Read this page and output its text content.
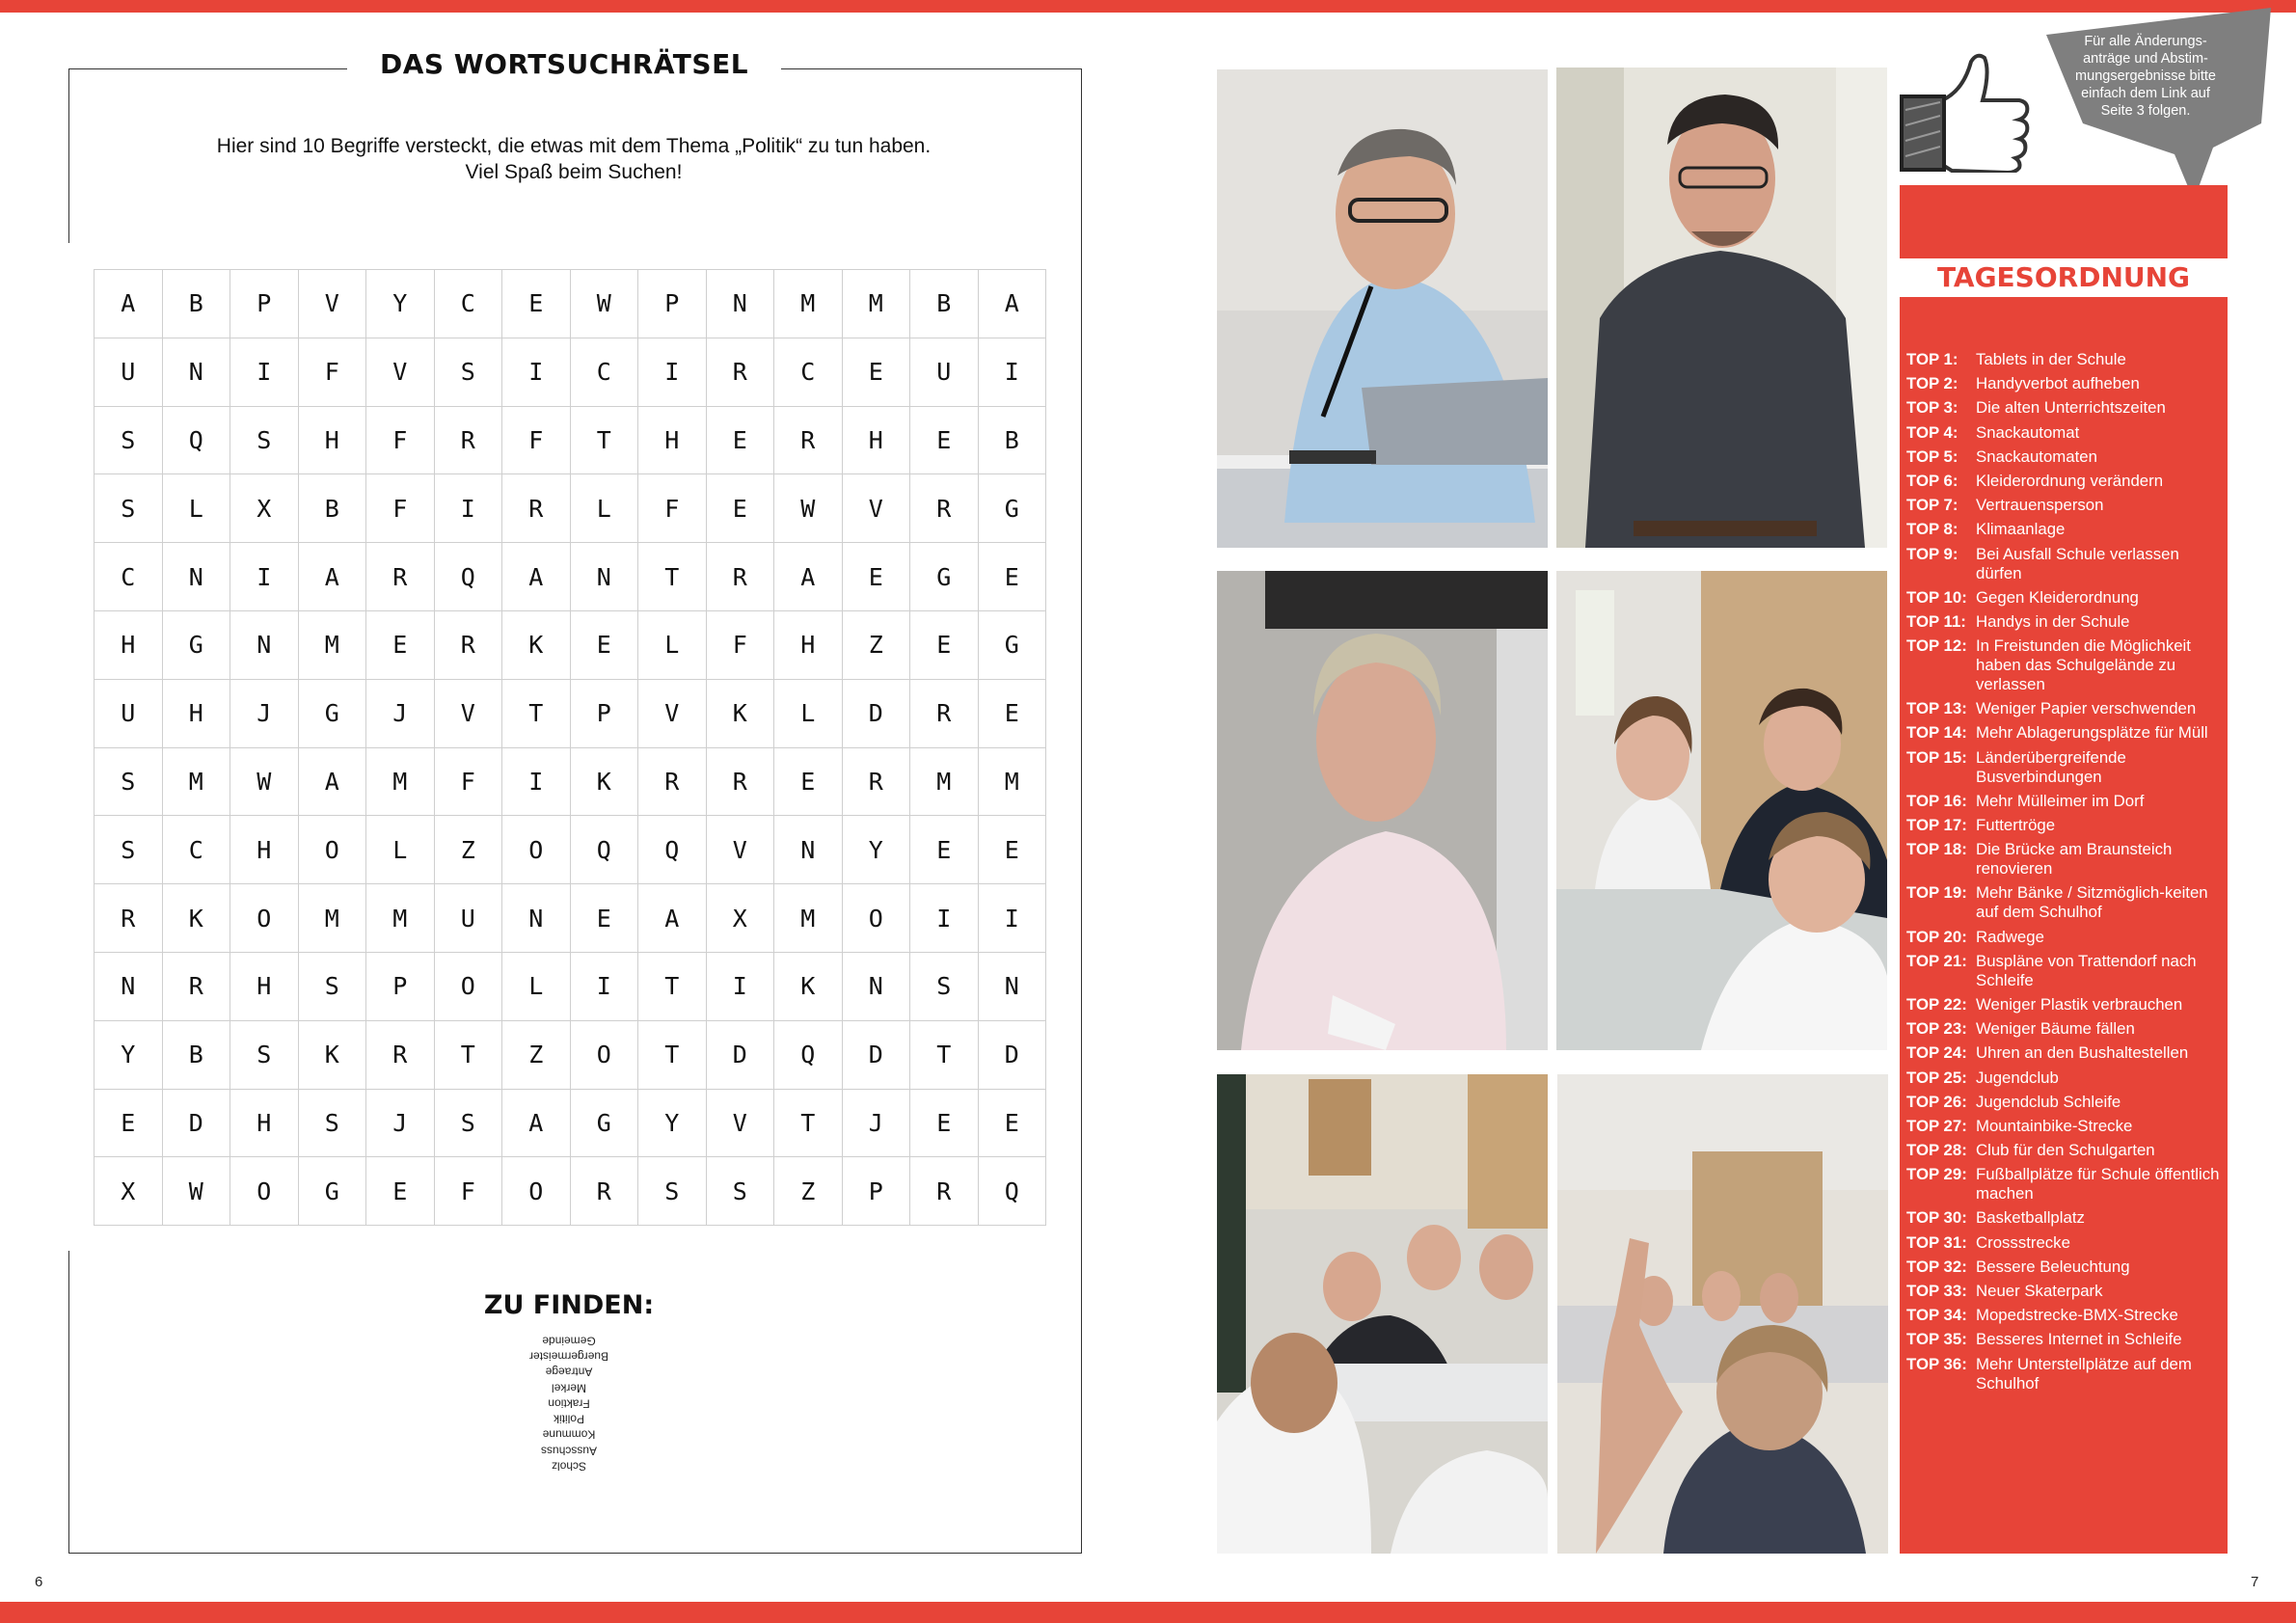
DAS WORTSUCHRÄTSEL
Hier sind 10 Begriffe versteckt, die etwas mit dem Thema „Politik“ zu tun haben.
Viel Spaß beim Suchen!
A	B	P	V	Y	C	E	W	P	N	M	M	B	A
U	N	I	F	V	S	I	C	I	R	C	E	U	I
S	Q	S	H	F	R	F	T	H	E	R	H	E	B
S	L	X	B	F	I	R	L	F	E	W	V	R	G
C	N	I	A	R	Q	A	N	T	R	A	E	G	E
H	G	N	M	E	R	K	E	L	F	H	Z	E	G
U	H	J	G	J	V	T	P	V	K	L	D	R	E
S	M	W	A	M	F	I	K	R	R	E	R	M	M
S	C	H	O	L	Z	O	Q	Q	V	N	Y	E	E
R	K	O	M	M	U	N	E	A	X	M	O	I	I
N	R	H	S	P	O	L	I	T	I	K	N	S	N
Y	B	S	K	R	T	Z	O	T	D	Q	D	T	D
E	D	H	S	J	S	A	G	Y	V	T	J	E	E
X	W	O	G	E	F	O	R	S	S	Z	P	R	Q
ZU FINDEN:
Scholz
Ausschuss
Kommune
Politik
Fraktion
Merkel
Antraege
Buergermeister
Gemeinde
6	7
Für alle Änderungs-anträge und Abstim-mungsergebnisse bitte einfach dem Link auf Seite 3 folgen.
TAGESORDNUNG
TOP 1:	Tablets in der Schule
TOP 2:	Handyverbot aufheben
TOP 3:	Die alten Unterrichtszeiten
TOP 4:	Snackautomat
TOP 5:	Snackautomaten
TOP 6:	Kleiderordnung verändern
TOP 7:	Vertrauensperson
TOP 8:	Klimaanlage
TOP 9:	Bei Ausfall Schule verlassen dürfen
TOP 10: Gegen Kleiderordnung
TOP 11: Handys in der Schule
TOP 12: In Freistunden die Möglichkeit haben das Schulgelände zu verlassen
TOP 13: Weniger Papier verschwenden
TOP 14: Mehr Ablagerungsplätze für Müll
TOP 15: Länderübergreifende Busverbindungen
TOP 16: Mehr Mülleimer im Dorf
TOP 17: Futtertröge
TOP 18: Die Brücke am Braunsteich renovieren
TOP 19: Mehr Bänke / Sitzmöglich-keiten auf dem Schulhof
TOP 20: Radwege
TOP 21: Buspläne von Trattendorf nach Schleife
TOP 22: Weniger Plastik verbrauchen
TOP 23: Weniger Bäume fällen
TOP 24: Uhren an den Bushaltestellen
TOP 25: Jugendclub
TOP 26: Jugendclub Schleife
TOP 27: Mountainbike-Strecke
TOP 28: Club für den Schulgarten
TOP 29: Fußballplätze für Schule öffentlich machen
TOP 30: Basketballplatz
TOP 31: Crossstrecke
TOP 32: Bessere Beleuchtung
TOP 33: Neuer Skaterpark
TOP 34: Mopedstrecke-BMX-Strecke
TOP 35: Besseres Internet in Schleife
TOP 36: Mehr Unterstellplätze auf dem Schulhof
